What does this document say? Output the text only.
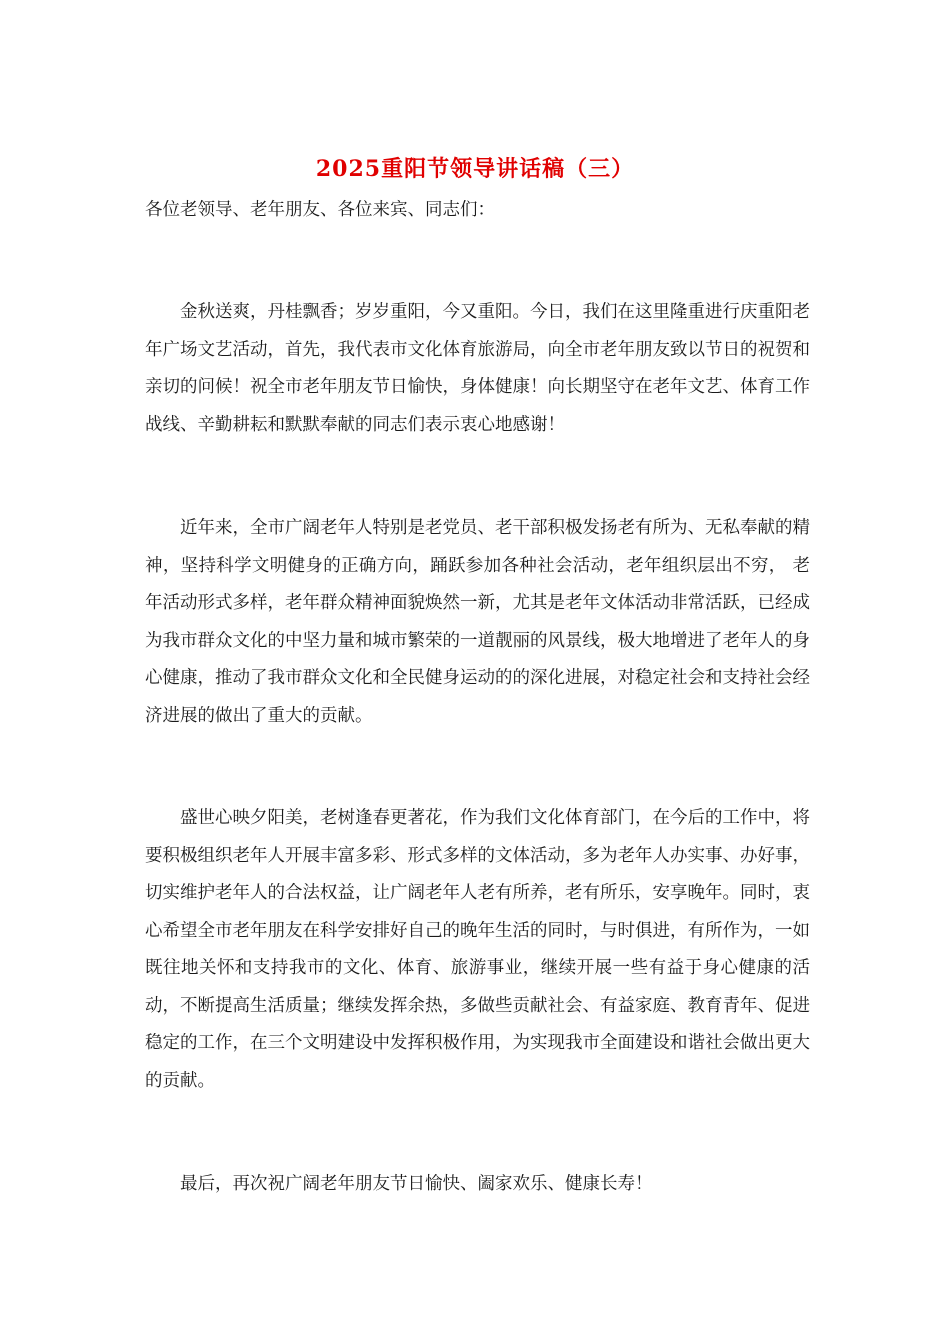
2025重阳节领导讲话稿（三）
各位老领导、老年朋友、各位来宾、同志们：

金秋送爽，丹桂飘香；岁岁重阳，今又重阳。今日，我们在这里隆重进行庆重阳老年广场文艺活动，首先，我代表市文化体育旅游局，向全市老年朋友致以节日的祝贺和亲切的问候！祝全市老年朋友节日愉快，身体健康！向长期坚守在老年文艺、体育工作战线、辛勤耕耘和默默奉献的同志们表示衷心地感谢！

近年来，全市广阔老年人特别是老党员、老干部积极发扬老有所为、无私奉献的精神，坚持科学文明健身的正确方向，踊跃参加各种社会活动，老年组织层出不穷， 老年活动形式多样，老年群众精神面貌焕然一新，尤其是老年文体活动非常活跃，已经成为我市群众文化的中坚力量和城市繁荣的一道靓丽的风景线，极大地增进了老年人的身心健康，推动了我市群众文化和全民健身运动的的深化进展，对稳定社会和支持社会经济进展的做出了重大的贡献。

盛世心映夕阳美，老树逢春更著花，作为我们文化体育部门，在今后的工作中，将要积极组织老年人开展丰富多彩、形式多样的文体活动，多为老年人办实事、办好事，切实维护老年人的合法权益，让广阔老年人老有所养，老有所乐，安享晚年。同时，衷心希望全市老年朋友在科学安排好自己的晚年生活的同时，与时俱进，有所作为，一如既往地关怀和支持我市的文化、体育、旅游事业，继续开展一些有益于身心健康的活动，不断提高生活质量；继续发挥余热，多做些贡献社会、有益家庭、教育青年、促进稳定的工作，在三个文明建设中发挥积极作用，为实现我市全面建设和谐社会做出更大的贡献。

最后，再次祝广阔老年朋友节日愉快、阖家欢乐、健康长寿！
